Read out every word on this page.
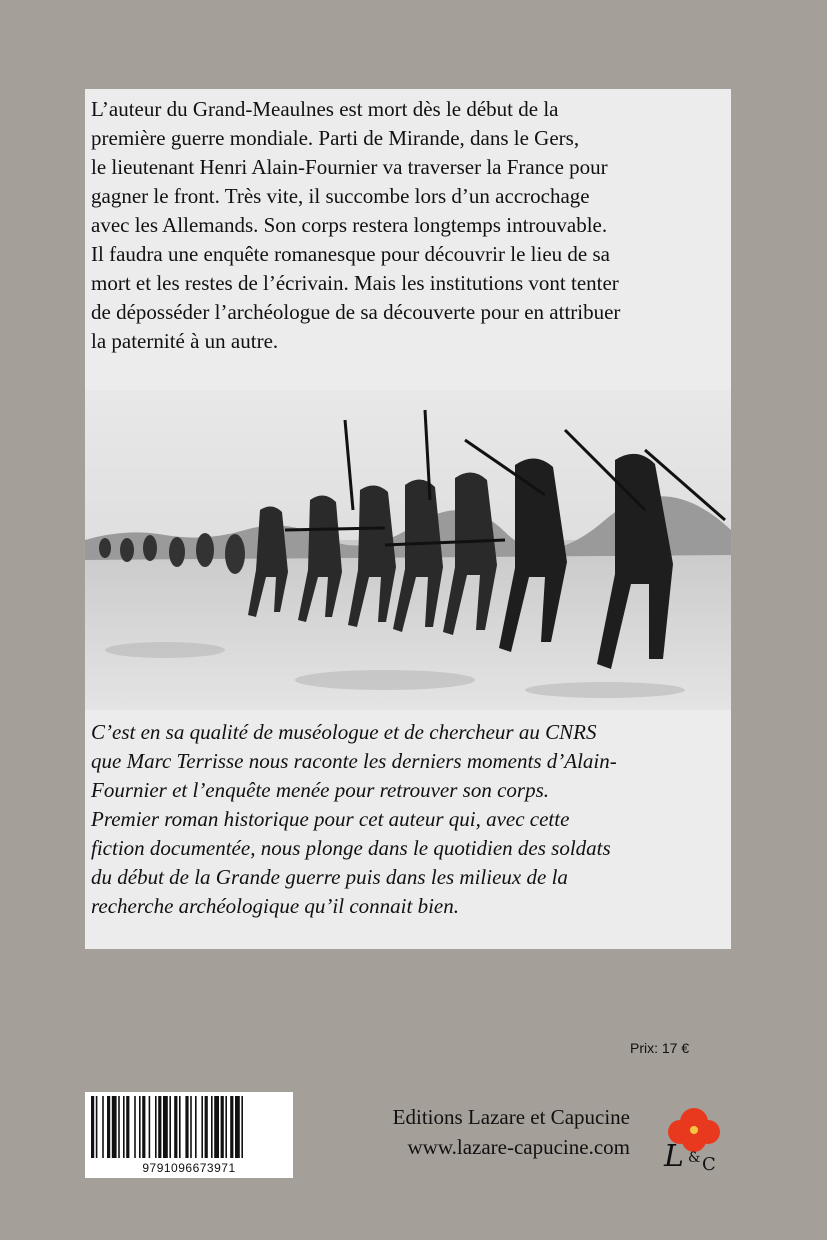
L’auteur du Grand-Meaulnes est mort dès le début de la
première guerre mondiale. Parti de Mirande, dans le Gers,
le lieutenant Henri Alain-Fournier va traverser la France pour
gagner le front. Très vite, il succombe lors d’un accrochage
avec les Allemands. Son corps restera longtemps introuvable.
Il faudra une enquête romanesque pour découvrir le lieu de sa
mort et les restes de l’écrivain. Mais les institutions vont tenter
de déposséder l’archéologue de sa découverte pour en attribuer
la paternité à un autre.
C’est en sa qualité de muséologue et de chercheur au CNRS
que Marc Terrisse nous raconte les derniers moments d’Alain-
Fournier et l’enquête menée pour retrouver son corps.
Premier roman historique pour cet auteur qui, avec cette
fiction documentée, nous plonge dans le quotidien des soldats
du début de la Grande guerre puis dans les milieux de la
recherche archéologique qu’il connait bien.
Prix: 17 €
9791096673971
Editions Lazare et Capucine
www.lazare-capucine.com L & C
